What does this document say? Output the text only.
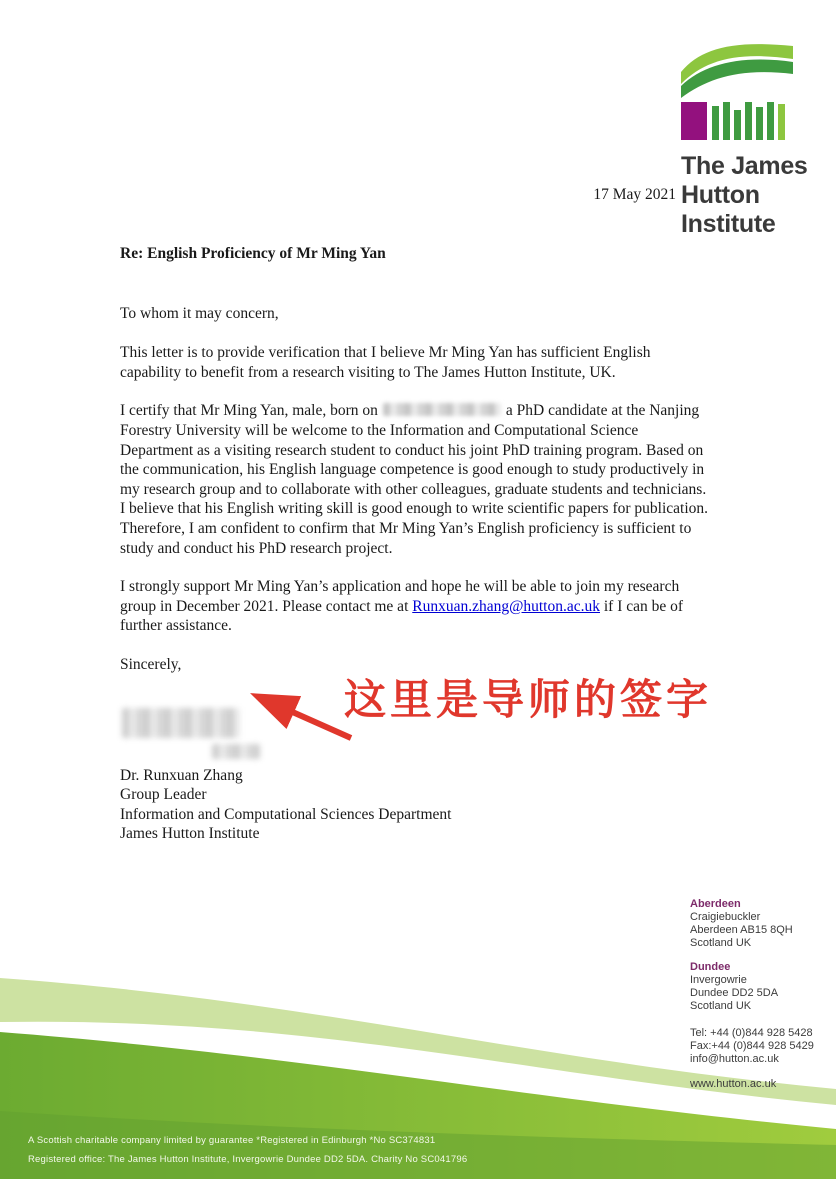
17 May 2021
The James
Hutton
Institute

Re: English Proficiency of Mr Ming Yan

To whom it may concern,

This letter is to provide verification that I believe Mr Ming Yan has sufficient English capability to benefit from a research visiting to The James Hutton Institute, UK.

I certify that Mr Ming Yan, male, born on	a PhD candidate at the Nanjing Forestry University will be welcome to the Information and Computational Science Department as a visiting research student to conduct his joint PhD training program. Based on the communication, his English language competence is good enough to study productively in my research group and to collaborate with other colleagues, graduate students and technicians. I believe that his English writing skill is good enough to write scientific papers for publication.
Therefore, I am confident to confirm that Mr Ming Yan’s English proficiency is sufficient to study and conduct his PhD research project.

I strongly support Mr Ming Yan’s application and hope he will be able to join my research group in December 2021. Please contact me at Runxuan.zhang@hutton.ac.uk if I can be of further assistance.

Sincerely,

这里是导师的签字
Dr. Runxuan Zhang
Group Leader
Information and Computational Sciences Department
James Hutton Institute
Aberdeen
Craigiebuckler
Aberdeen AB15 8QH
Scotland UK
Dundee
Invergowrie
Dundee DD2 5DA
Scotland UK
Tel: +44 (0)844 928 5428
Fax:+44 (0)844 928 5429
info@hutton.ac.uk
www.hutton.ac.uk
A Scottish charitable company limited by guarantee *Registered in Edinburgh *No SC374831
Registered office: The James Hutton Institute, Invergowrie Dundee DD2 5DA. Charity No SC041796
